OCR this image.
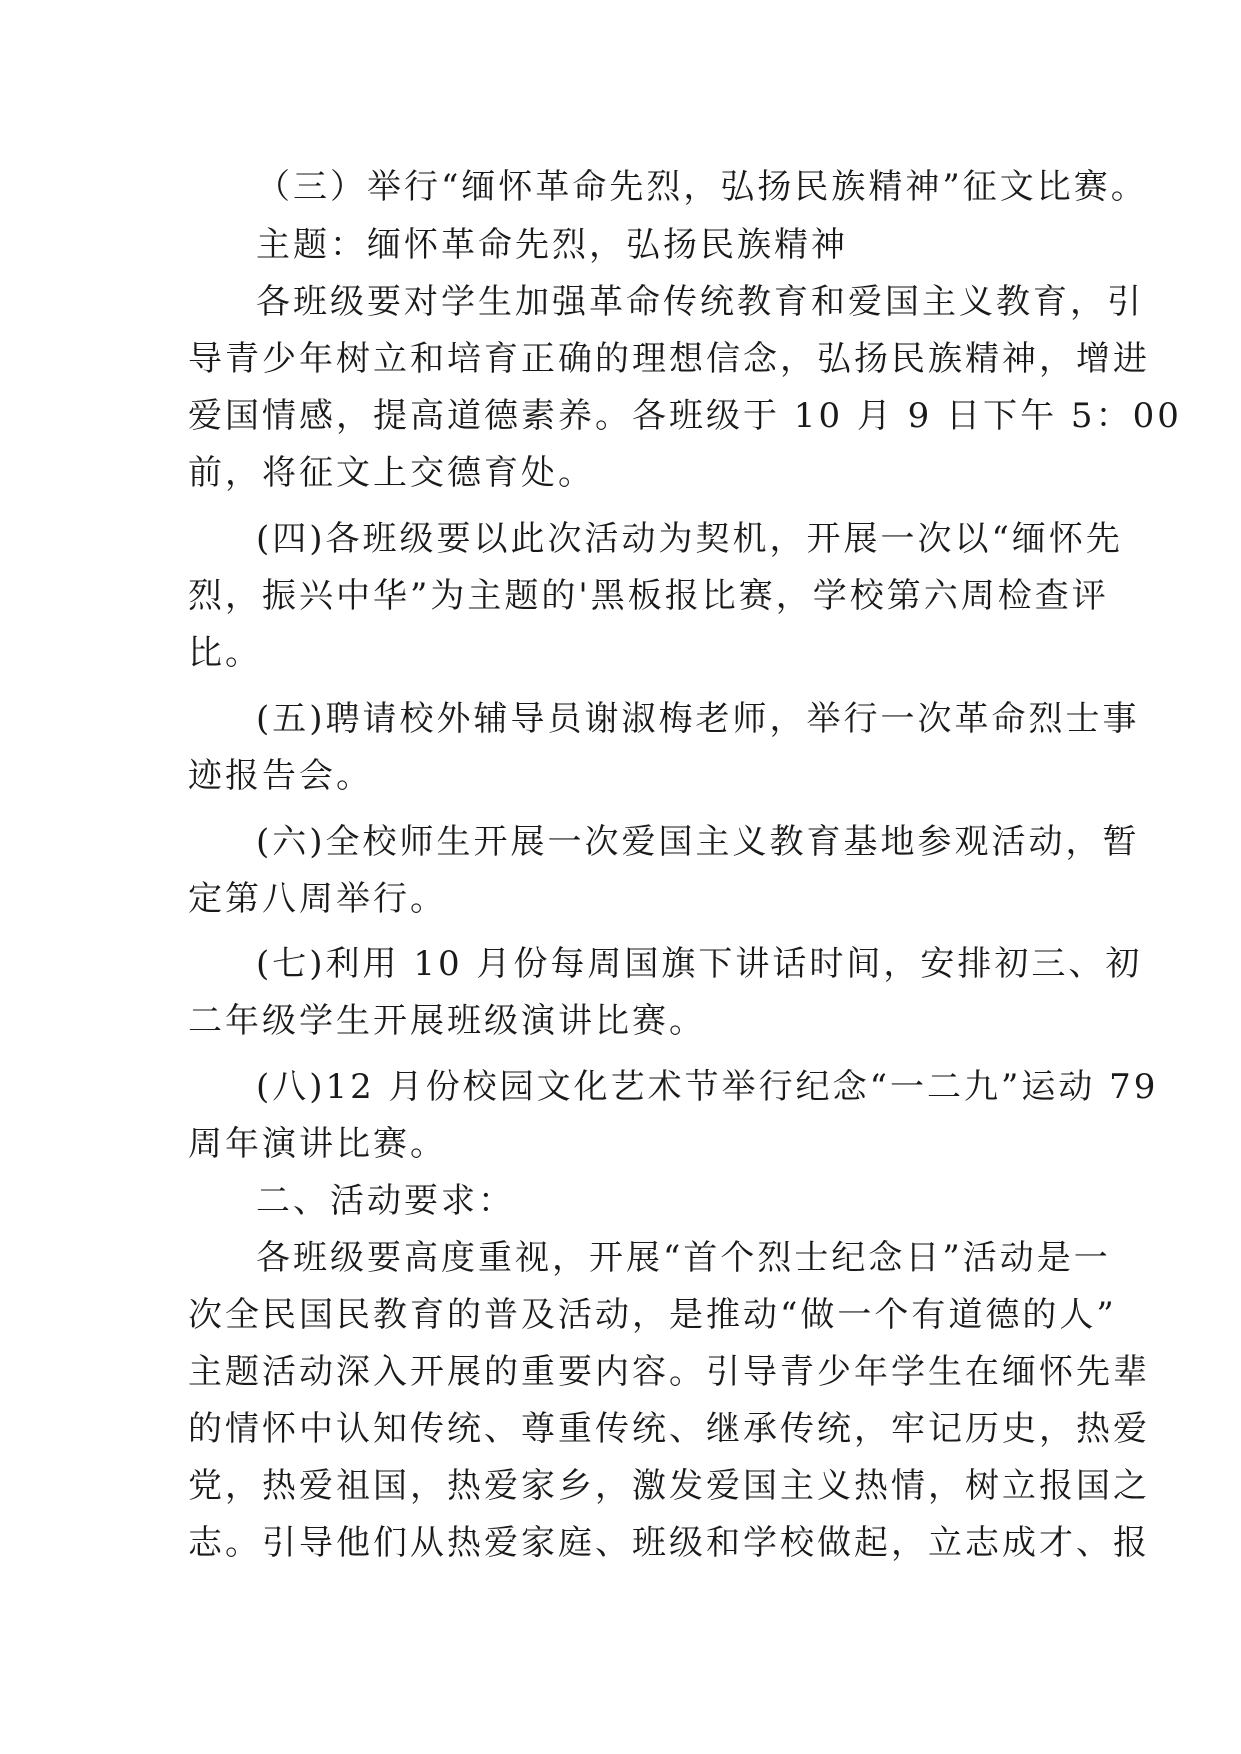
（三）举行“缅怀革命先烈，弘扬民族精神”征文比赛。
主题：缅怀革命先烈，弘扬民族精神
各班级要对学生加强革命传统教育和爱国主义教育，引
导青少年树立和培育正确的理想信念，弘扬民族精神，增进
爱国情感，提高道德素养。各班级于 10 月 9 日下午 5：00
前，将征文上交德育处。
(四)各班级要以此次活动为契机，开展一次以“缅怀先
烈，振兴中华”为主题的'黑板报比赛，学校第六周检查评
比。
(五)聘请校外辅导员谢淑梅老师，举行一次革命烈士事
迹报告会。
(六)全校师生开展一次爱国主义教育基地参观活动，暂
定第八周举行。
(七)利用 10 月份每周国旗下讲话时间，安排初三、初
二年级学生开展班级演讲比赛。
(八)12 月份校园文化艺术节举行纪念“一二九”运动 79
周年演讲比赛。
二、活动要求：
各班级要高度重视，开展“首个烈士纪念日”活动是一
次全民国民教育的普及活动，是推动“做一个有道德的人”
主题活动深入开展的重要内容。引导青少年学生在缅怀先辈
的情怀中认知传统、尊重传统、继承传统，牢记历史，热爱
党，热爱祖国，热爱家乡，激发爱国主义热情，树立报国之
志。引导他们从热爱家庭、班级和学校做起，立志成才、报
